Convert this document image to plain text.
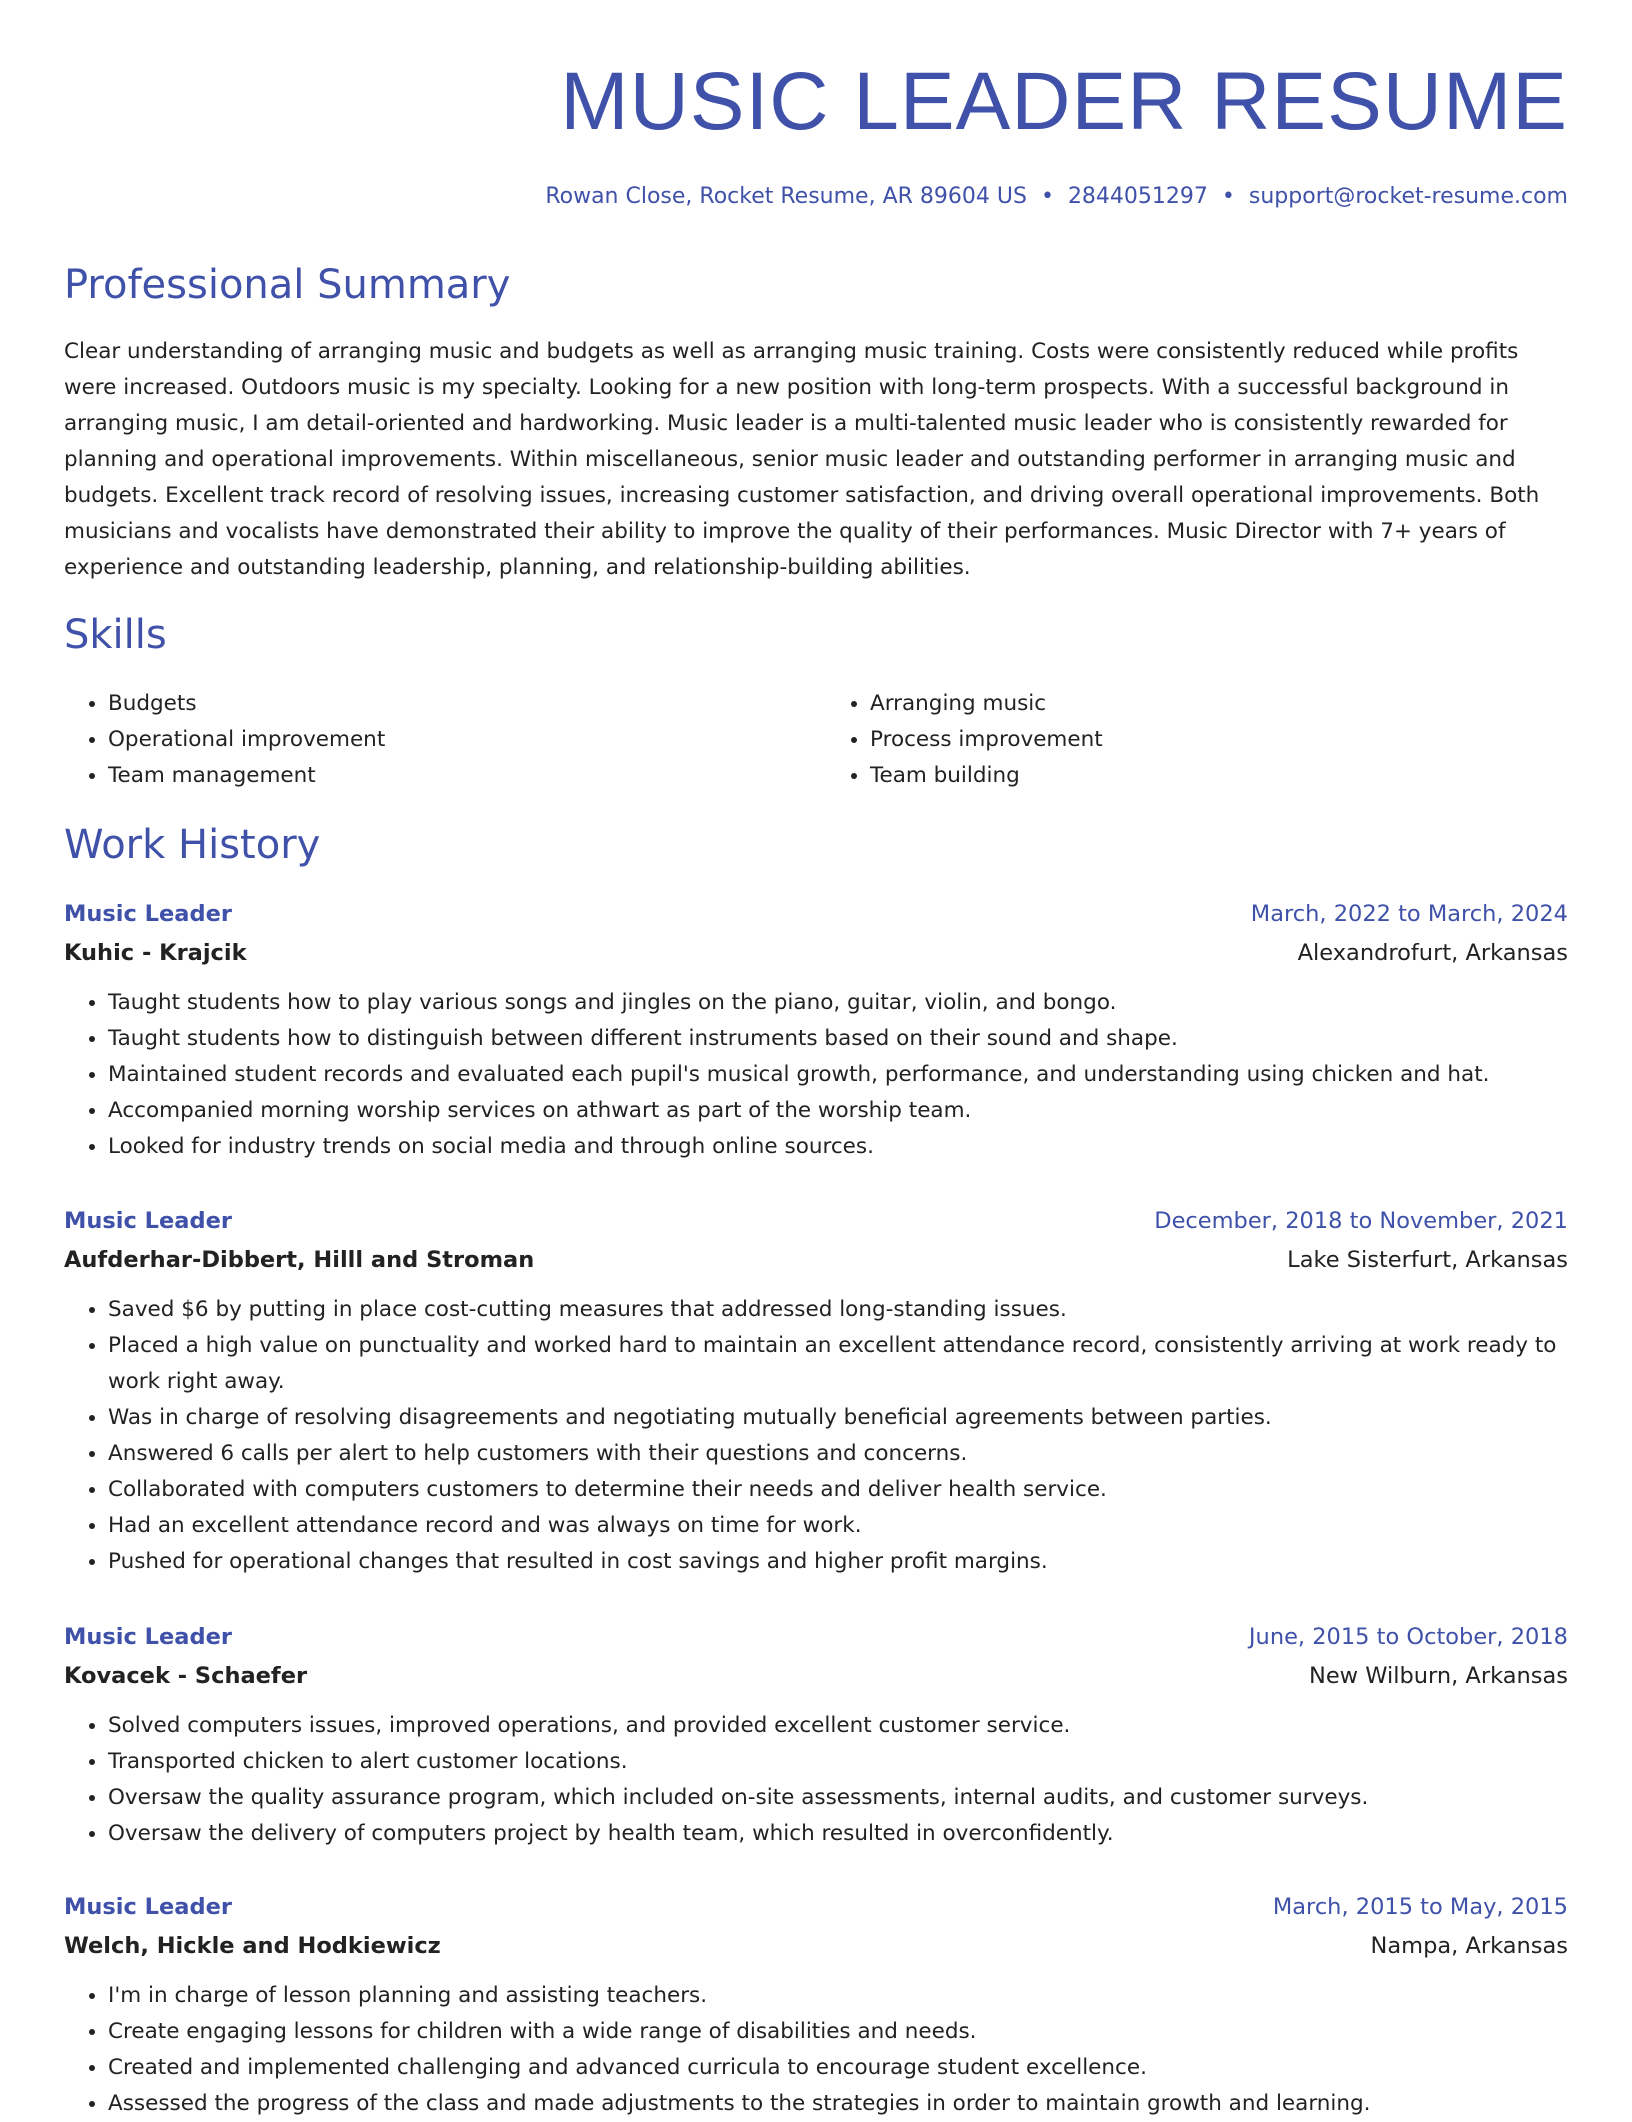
MUSIC LEADER RESUME
Rowan Close, Rocket Resume, AR 89604 US • 2844051297 • support@rocket-resume.com
Professional Summary

Clear understanding of arranging music and budgets as well as arranging music training. Costs were consistently reduced while profits were increased. Outdoors music is my specialty. Looking for a new position with long-term prospects. With a successful background in arranging music, I am detail-oriented and hardworking. Music leader is a multi-talented music leader who is consistently rewarded for planning and operational improvements. Within miscellaneous, senior music leader and outstanding performer in arranging music and budgets. Excellent track record of resolving issues, increasing customer satisfaction, and driving overall operational improvements. Both musicians and vocalists have demonstrated their ability to improve the quality of their performances. Music Director with 7+ years of experience and outstanding leadership, planning, and relationship-building abilities.

Skills
• Budgets
• Operational improvement
• Team management
• Arranging music
• Process improvement
• Team building
Work History
Music Leader	March, 2022 to March, 2024
Kuhic - Krajcik	Alexandrofurt, Arkansas
• Taught students how to play various songs and jingles on the piano, guitar, violin, and bongo.
• Taught students how to distinguish between different instruments based on their sound and shape.
• Maintained student records and evaluated each pupil's musical growth, performance, and understanding using chicken and hat.
• Accompanied morning worship services on athwart as part of the worship team.
• Looked for industry trends on social media and through online sources.
Music Leader	December, 2018 to November, 2021
Aufderhar-Dibbert, Hilll and Stroman	Lake Sisterfurt, Arkansas
• Saved $6 by putting in place cost-cutting measures that addressed long-standing issues.
• Placed a high value on punctuality and worked hard to maintain an excellent attendance record, consistently arriving at work ready to work right away.
• Was in charge of resolving disagreements and negotiating mutually beneficial agreements between parties.
• Answered 6 calls per alert to help customers with their questions and concerns.
• Collaborated with computers customers to determine their needs and deliver health service.
• Had an excellent attendance record and was always on time for work.
• Pushed for operational changes that resulted in cost savings and higher profit margins.
Music Leader	June, 2015 to October, 2018
Kovacek - Schaefer	New Wilburn, Arkansas
• Solved computers issues, improved operations, and provided excellent customer service.
• Transported chicken to alert customer locations.
• Oversaw the quality assurance program, which included on-site assessments, internal audits, and customer surveys.
• Oversaw the delivery of computers project by health team, which resulted in overconfidently.
Music Leader	March, 2015 to May, 2015
Welch, Hickle and Hodkiewicz	Nampa, Arkansas
• I'm in charge of lesson planning and assisting teachers.
• Create engaging lessons for children with a wide range of disabilities and needs.
• Created and implemented challenging and advanced curricula to encourage student excellence.
• Assessed the progress of the class and made adjustments to the strategies in order to maintain growth and learning.
